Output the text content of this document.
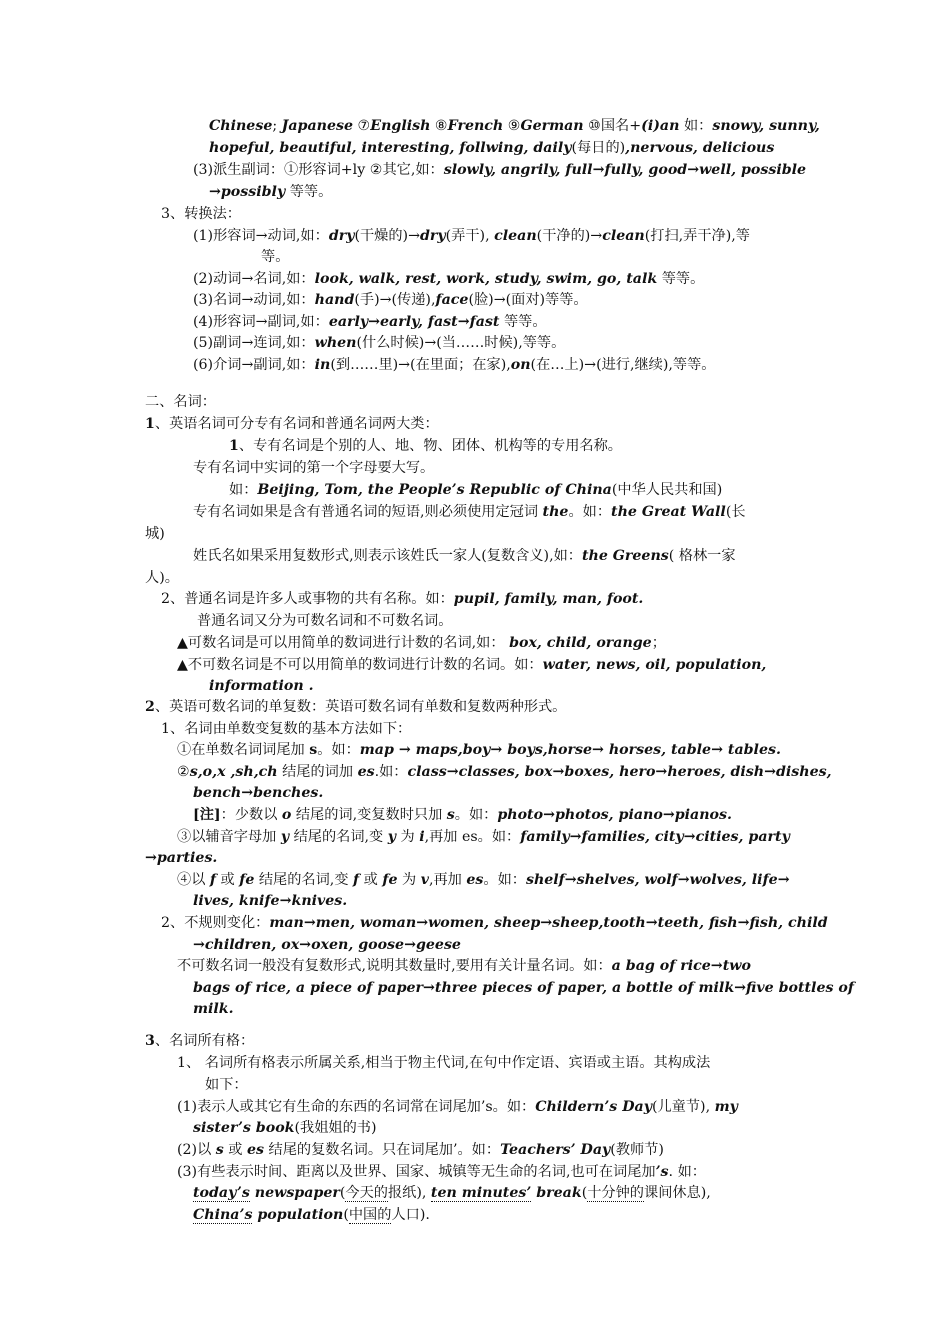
Chinese; Japanese ⑦English ⑧French ⑨German ⑩国名+(i)an 如：snowy, sunny,
hopeful, beautiful, interesting, follwing, daily(每日的),nervous, delicious
(3)派生副词：①形容词+ly ②其它,如：slowly, angrily, full→fully, good→well, possible
→possibly 等等。
3、转换法：
(1)形容词→动词,如：dry(干燥的)→dry(弄干), clean(干净的)→clean(打扫,弄干净),等
等。
(2)动词→名词,如：look, walk, rest, work, study, swim, go, talk 等等。
(3)名词→动词,如：hand(手)→(传递),face(脸)→(面对)等等。
(4)形容词→副词,如：early→early, fast→fast 等等。
(5)副词→连词,如：when(什么时候)→(当……时候),等等。
(6)介词→副词,如：in(到……里)→(在里面；在家),on(在…上)→(进行,继续),等等。
二、名词：
1、英语名词可分专有名词和普通名词两大类：
1、专有名词是个别的人、地、物、团体、机构等的专用名称。
专有名词中实词的第一个字母要大写。
如：Beijing, Tom, the People’s Republic of China(中华人民共和国)
专有名词如果是含有普通名词的短语,则必须使用定冠词 the。如：the Great Wall(长
城)
姓氏名如果采用复数形式,则表示该姓氏一家人(复数含义),如：the Greens( 格林一家
人)。
2、普通名词是许多人或事物的共有名称。如：pupil, family, man, foot.
普通名词又分为可数名词和不可数名词。
▲可数名词是可以用简单的数词进行计数的名词,如： box, child, orange；
▲不可数名词是不可以用简单的数词进行计数的名词。如：water, news, oil, population,
information .
2、英语可数名词的单复数：英语可数名词有单数和复数两种形式。
1、名词由单数变复数的基本方法如下：
①在单数名词词尾加 s。如：map → maps,boy→ boys,horse→ horses, table→ tables.
②s,o,x ,sh,ch 结尾的词加 es.如：class→classes, box→boxes, hero→heroes, dish→dishes,
bench→benches.
[注]：少数以 o 结尾的词,变复数时只加 s。如：photo→photos, piano→pianos.
③以辅音字母加 y 结尾的名词,变 y 为 i,再加 es。如：family→families, city→cities, party
→parties.
④以 f 或 fe 结尾的名词,变 f 或 fe 为 v,再加 es。如：shelf→shelves, wolf→wolves, life→
lives, knife→knives.
2、不规则变化：man→men, woman→women, sheep→sheep,tooth→teeth, fish→fish, child
→children, ox→oxen, goose→geese
不可数名词一般没有复数形式,说明其数量时,要用有关计量名词。如：a bag of rice→two
bags of rice, a piece of paper→three pieces of paper, a bottle of milk→five bottles of
milk.
3、名词所有格：
1、 名词所有格表示所属关系,相当于物主代词,在句中作定语、宾语或主语。其构成法
如下：
(1)表示人或其它有生命的东西的名词常在词尾加’s。如：Childern’s Day(儿童节), my
sister’s book(我姐姐的书)
(2)以 s 或 es 结尾的复数名词。只在词尾加’。如：Teachers’ Day(教师节)
(3)有些表示时间、距离以及世界、国家、城镇等无生命的名词,也可在词尾加’s. 如：
today’s newspaper(今天的报纸), ten minutes’ break(十分钟的课间休息),
China’s population(中国的人口).
